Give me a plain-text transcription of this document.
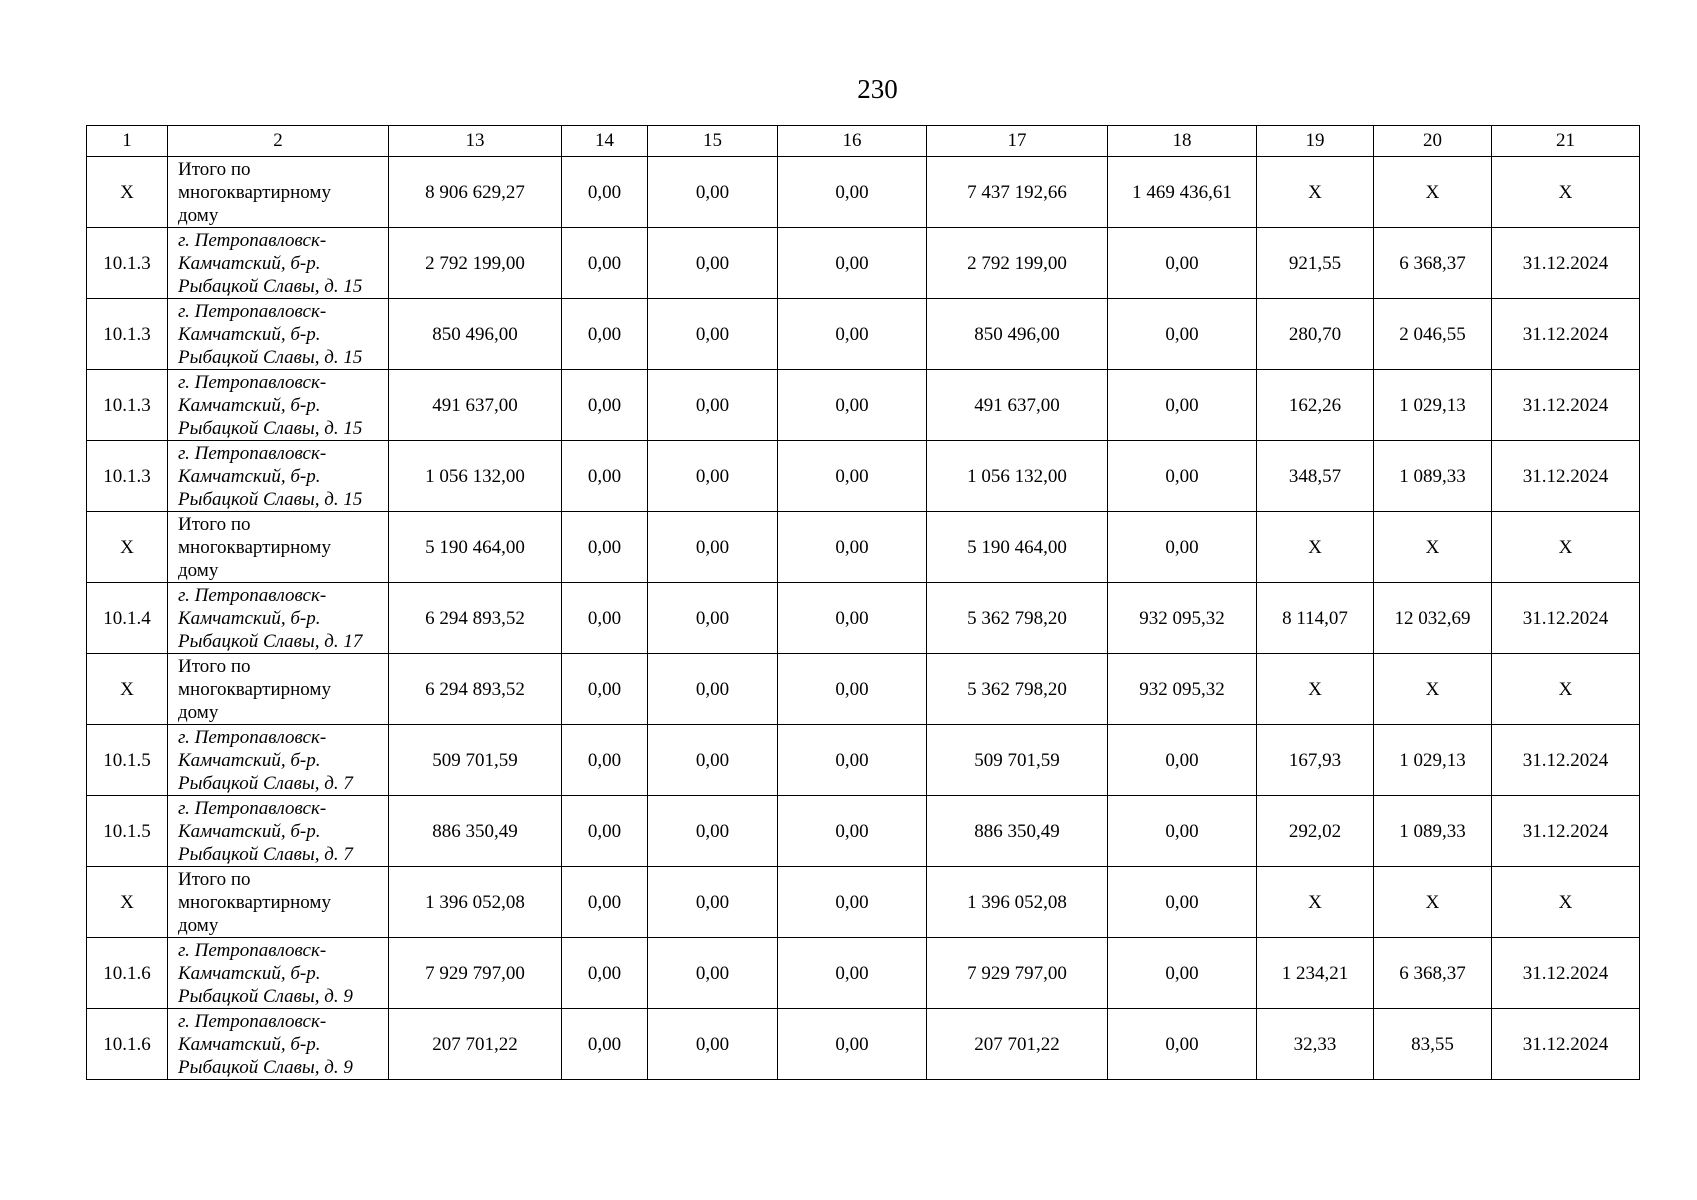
230
1	2	13	14	15	16	17	18	19	20	21
X	Итого по
многоквартирному
дому	8 906 629,27	0,00	0,00	0,00	7 437 192,66	1 469 436,61	X	X	X
10.1.3	г. Петропавловск-
Камчатский, б-р.
Рыбацкой Славы, д. 15	2 792 199,00	0,00	0,00	0,00	2 792 199,00	0,00	921,55	6 368,37	31.12.2024
10.1.3	г. Петропавловск-
Камчатский, б-р.
Рыбацкой Славы, д. 15	850 496,00	0,00	0,00	0,00	850 496,00	0,00	280,70	2 046,55	31.12.2024
10.1.3	г. Петропавловск-
Камчатский, б-р.
Рыбацкой Славы, д. 15	491 637,00	0,00	0,00	0,00	491 637,00	0,00	162,26	1 029,13	31.12.2024
10.1.3	г. Петропавловск-
Камчатский, б-р.
Рыбацкой Славы, д. 15	1 056 132,00	0,00	0,00	0,00	1 056 132,00	0,00	348,57	1 089,33	31.12.2024
X	Итого по
многоквартирному
дому	5 190 464,00	0,00	0,00	0,00	5 190 464,00	0,00	X	X	X
10.1.4	г. Петропавловск-
Камчатский, б-р.
Рыбацкой Славы, д. 17	6 294 893,52	0,00	0,00	0,00	5 362 798,20	932 095,32	8 114,07	12 032,69	31.12.2024
X	Итого по
многоквартирному
дому	6 294 893,52	0,00	0,00	0,00	5 362 798,20	932 095,32	X	X	X
10.1.5	г. Петропавловск-
Камчатский, б-р.
Рыбацкой Славы, д. 7	509 701,59	0,00	0,00	0,00	509 701,59	0,00	167,93	1 029,13	31.12.2024
10.1.5	г. Петропавловск-
Камчатский, б-р.
Рыбацкой Славы, д. 7	886 350,49	0,00	0,00	0,00	886 350,49	0,00	292,02	1 089,33	31.12.2024
X	Итого по
многоквартирному
дому	1 396 052,08	0,00	0,00	0,00	1 396 052,08	0,00	X	X	X
10.1.6	г. Петропавловск-
Камчатский, б-р.
Рыбацкой Славы, д. 9	7 929 797,00	0,00	0,00	0,00	7 929 797,00	0,00	1 234,21	6 368,37	31.12.2024
10.1.6	г. Петропавловск-
Камчатский, б-р.
Рыбацкой Славы, д. 9	207 701,22	0,00	0,00	0,00	207 701,22	0,00	32,33	83,55	31.12.2024
